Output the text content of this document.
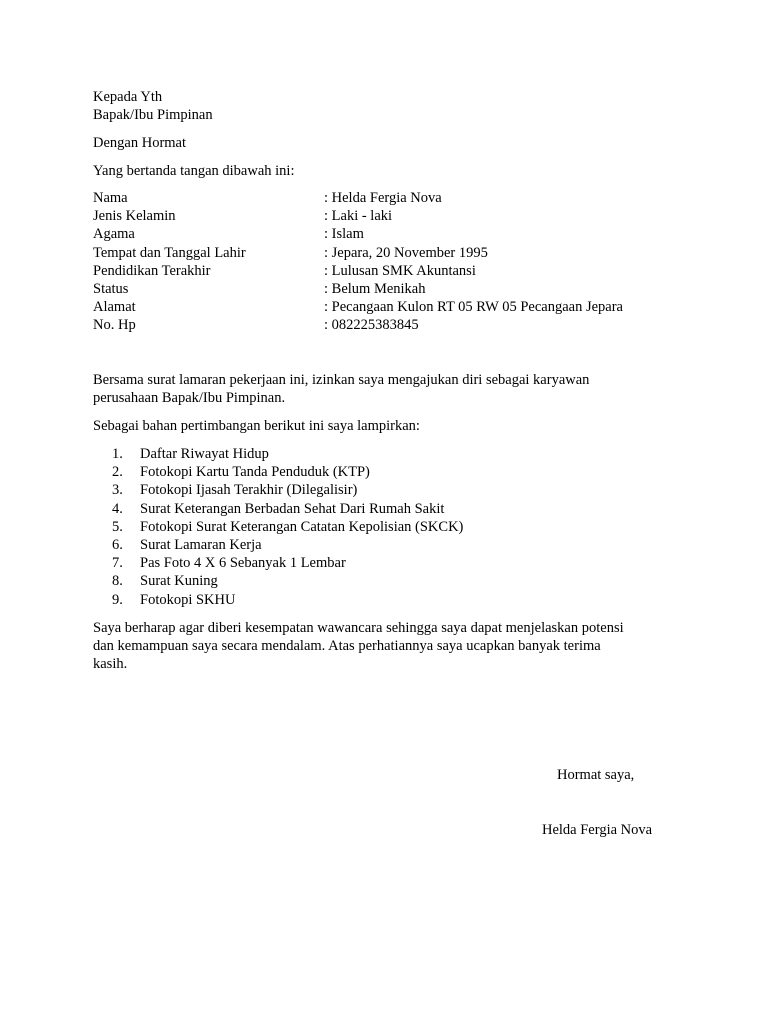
Kepada Yth
Bapak/Ibu Pimpinan
Dengan Hormat
Yang bertanda tangan dibawah ini:
Nama	: Helda Fergia Nova
Jenis Kelamin	: Laki - laki
Agama	: Islam
Tempat dan Tanggal Lahir	: Jepara, 20 November 1995
Pendidikan Terakhir	: Lulusan SMK Akuntansi
Status	: Belum Menikah
Alamat	: Pecangaan Kulon RT 05 RW 05 Pecangaan Jepara
No. Hp	: 082225383845
Bersama surat lamaran pekerjaan ini, izinkan saya mengajukan diri sebagai karyawan
perusahaan Bapak/Ibu Pimpinan.
Sebagai bahan pertimbangan berikut ini saya lampirkan:
1.	Daftar Riwayat Hidup
2.	Fotokopi Kartu Tanda Penduduk (KTP)
3.	Fotokopi Ijasah Terakhir (Dilegalisir)
4.	Surat Keterangan Berbadan Sehat Dari Rumah Sakit
5.	Fotokopi Surat Keterangan Catatan Kepolisian (SKCK)
6.	Surat Lamaran Kerja
7.	Pas Foto 4 X 6 Sebanyak 1 Lembar
8.	Surat Kuning
9.	Fotokopi SKHU
Saya berharap agar diberi kesempatan wawancara sehingga saya dapat menjelaskan potensi
dan kemampuan saya secara mendalam. Atas perhatiannya saya ucapkan banyak terima
kasih.
Hormat saya,
Helda Fergia Nova
